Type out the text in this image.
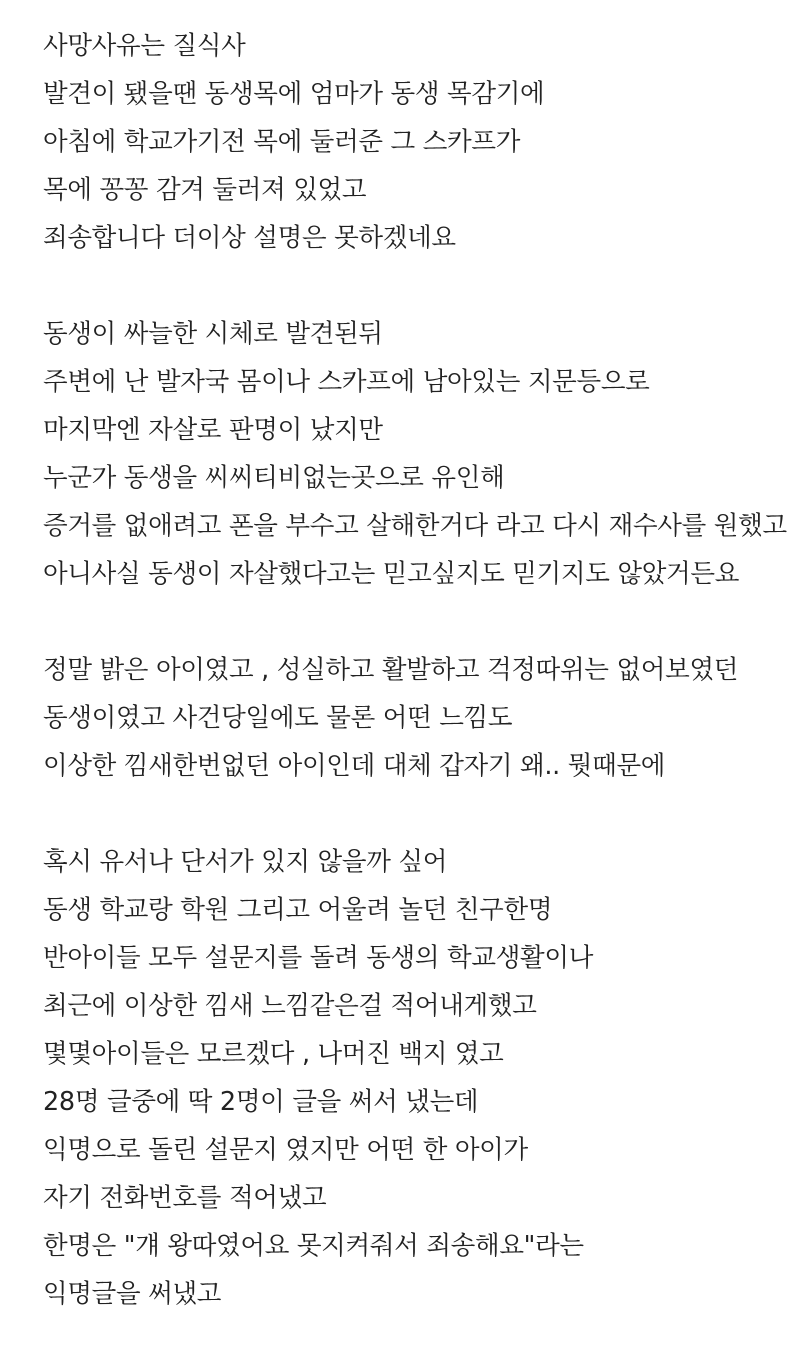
사망사유는 질식사
발견이 됐을땐 동생목에 엄마가 동생 목감기에
아침에 학교가기전 목에 둘러준 그 스카프가
목에 꽁꽁 감겨 둘러져 있었고
죄송합니다 더이상 설명은 못하겠네요
동생이 싸늘한 시체로 발견된뒤
주변에 난 발자국 몸이나 스카프에 남아있는 지문등으로
마지막엔 자살로 판명이 났지만
누군가 동생을 씨씨티비없는곳으로 유인해
증거를 없애려고 폰을 부수고 살해한거다 라고 다시 재수사를 원했고
아니사실 동생이 자살했다고는 믿고싶지도 믿기지도 않았거든요
정말 밝은 아이였고 , 성실하고 활발하고 걱정따위는 없어보였던
동생이였고 사건당일에도 물론 어떤 느낌도
이상한 낌새한번없던 아이인데 대체 갑자기 왜.. 뭣때문에
혹시 유서나 단서가 있지 않을까 싶어
동생 학교랑 학원 그리고 어울려 놀던 친구한명
반아이들 모두 설문지를 돌려 동생의 학교생활이나
최근에 이상한 낌새 느낌같은걸 적어내게했고
몇몇아이들은 모르겠다 , 나머진 백지 였고
28명 글중에 딱 2명이 글을 써서 냈는데
익명으로 돌린 설문지 였지만 어떤 한 아이가
자기 전화번호를 적어냈고
한명은 "걔 왕따였어요 못지켜줘서 죄송해요"라는
익명글을 써냈고
